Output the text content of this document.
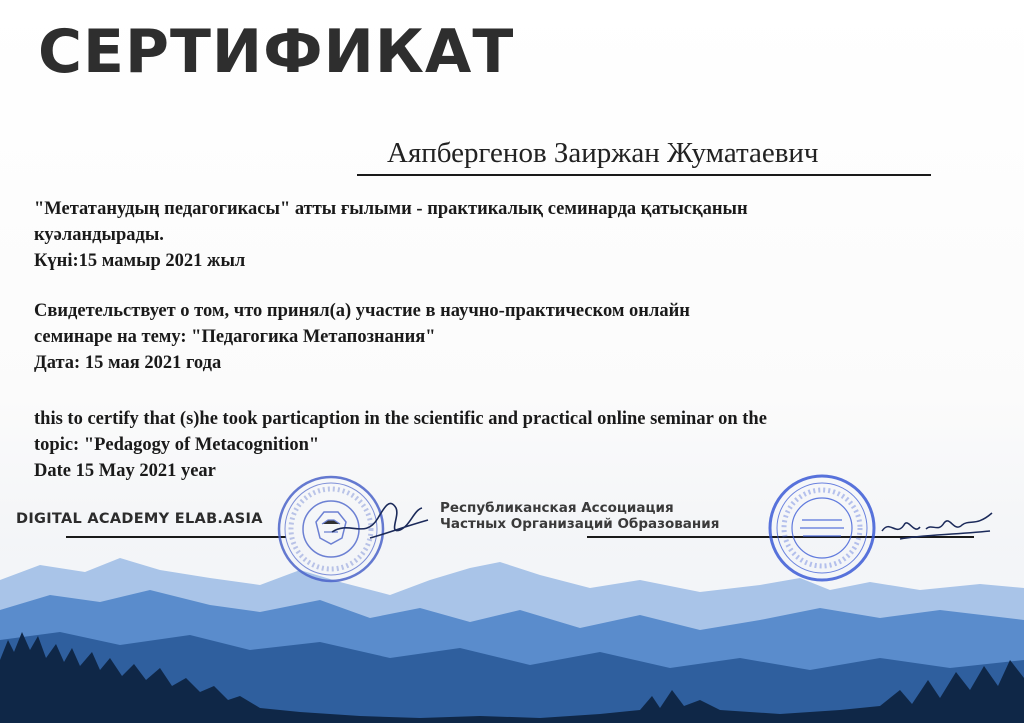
СЕРТИФИКАТ

Аяпбергенов Заиржан Жуматаевич

"Метатанудың педагогикасы" атты ғылыми - практикалық семинарда қатысқанын

куәландырады.

Күні:15 мамыр 2021 жыл

Свидетельствует о том, что принял(а) участие в научно-практическом онлайн

семинаре на тему: "Педагогика Метапознания"

Дата: 15 мая 2021 года

this to certify that (s)he took particaption in the scientific and practical online seminar on the

topic: "Pedagogy of Metacognition"

Date 15 May 2021 year

DIGITAL ACADEMY ELAB.ASIA

Республиканская Ассоциация

Частных Организаций Образования
